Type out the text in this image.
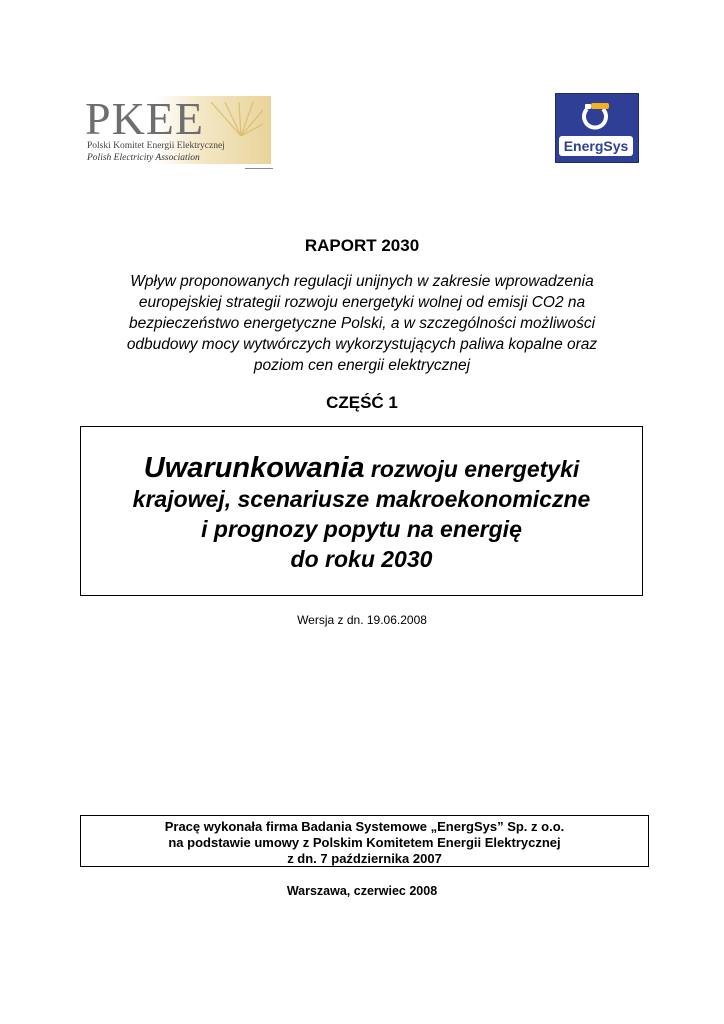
PKEE
Polski Komitet Energii Elektrycznej
Polish Electricity Association
EnergSys
RAPORT 2030
Wpływ proponowanych regulacji unijnych w zakresie wprowadzenia
europejskiej strategii rozwoju energetyki wolnej od emisji CO2 na
bezpieczeństwo energetyczne Polski, a w szczególności możliwości
odbudowy mocy wytwórczych wykorzystujących paliwa kopalne oraz
poziom cen energii elektrycznej
CZĘŚĆ 1
Uwarunkowania rozwoju energetyki
krajowej, scenariusze makroekonomiczne
i prognozy popytu na energię
do roku 2030
Wersja z dn. 19.06.2008
Pracę wykonała firma Badania Systemowe „EnergSys” Sp. z o.o.
na podstawie umowy z Polskim Komitetem Energii Elektrycznej
z dn. 7 października 2007
Warszawa, czerwiec 2008
